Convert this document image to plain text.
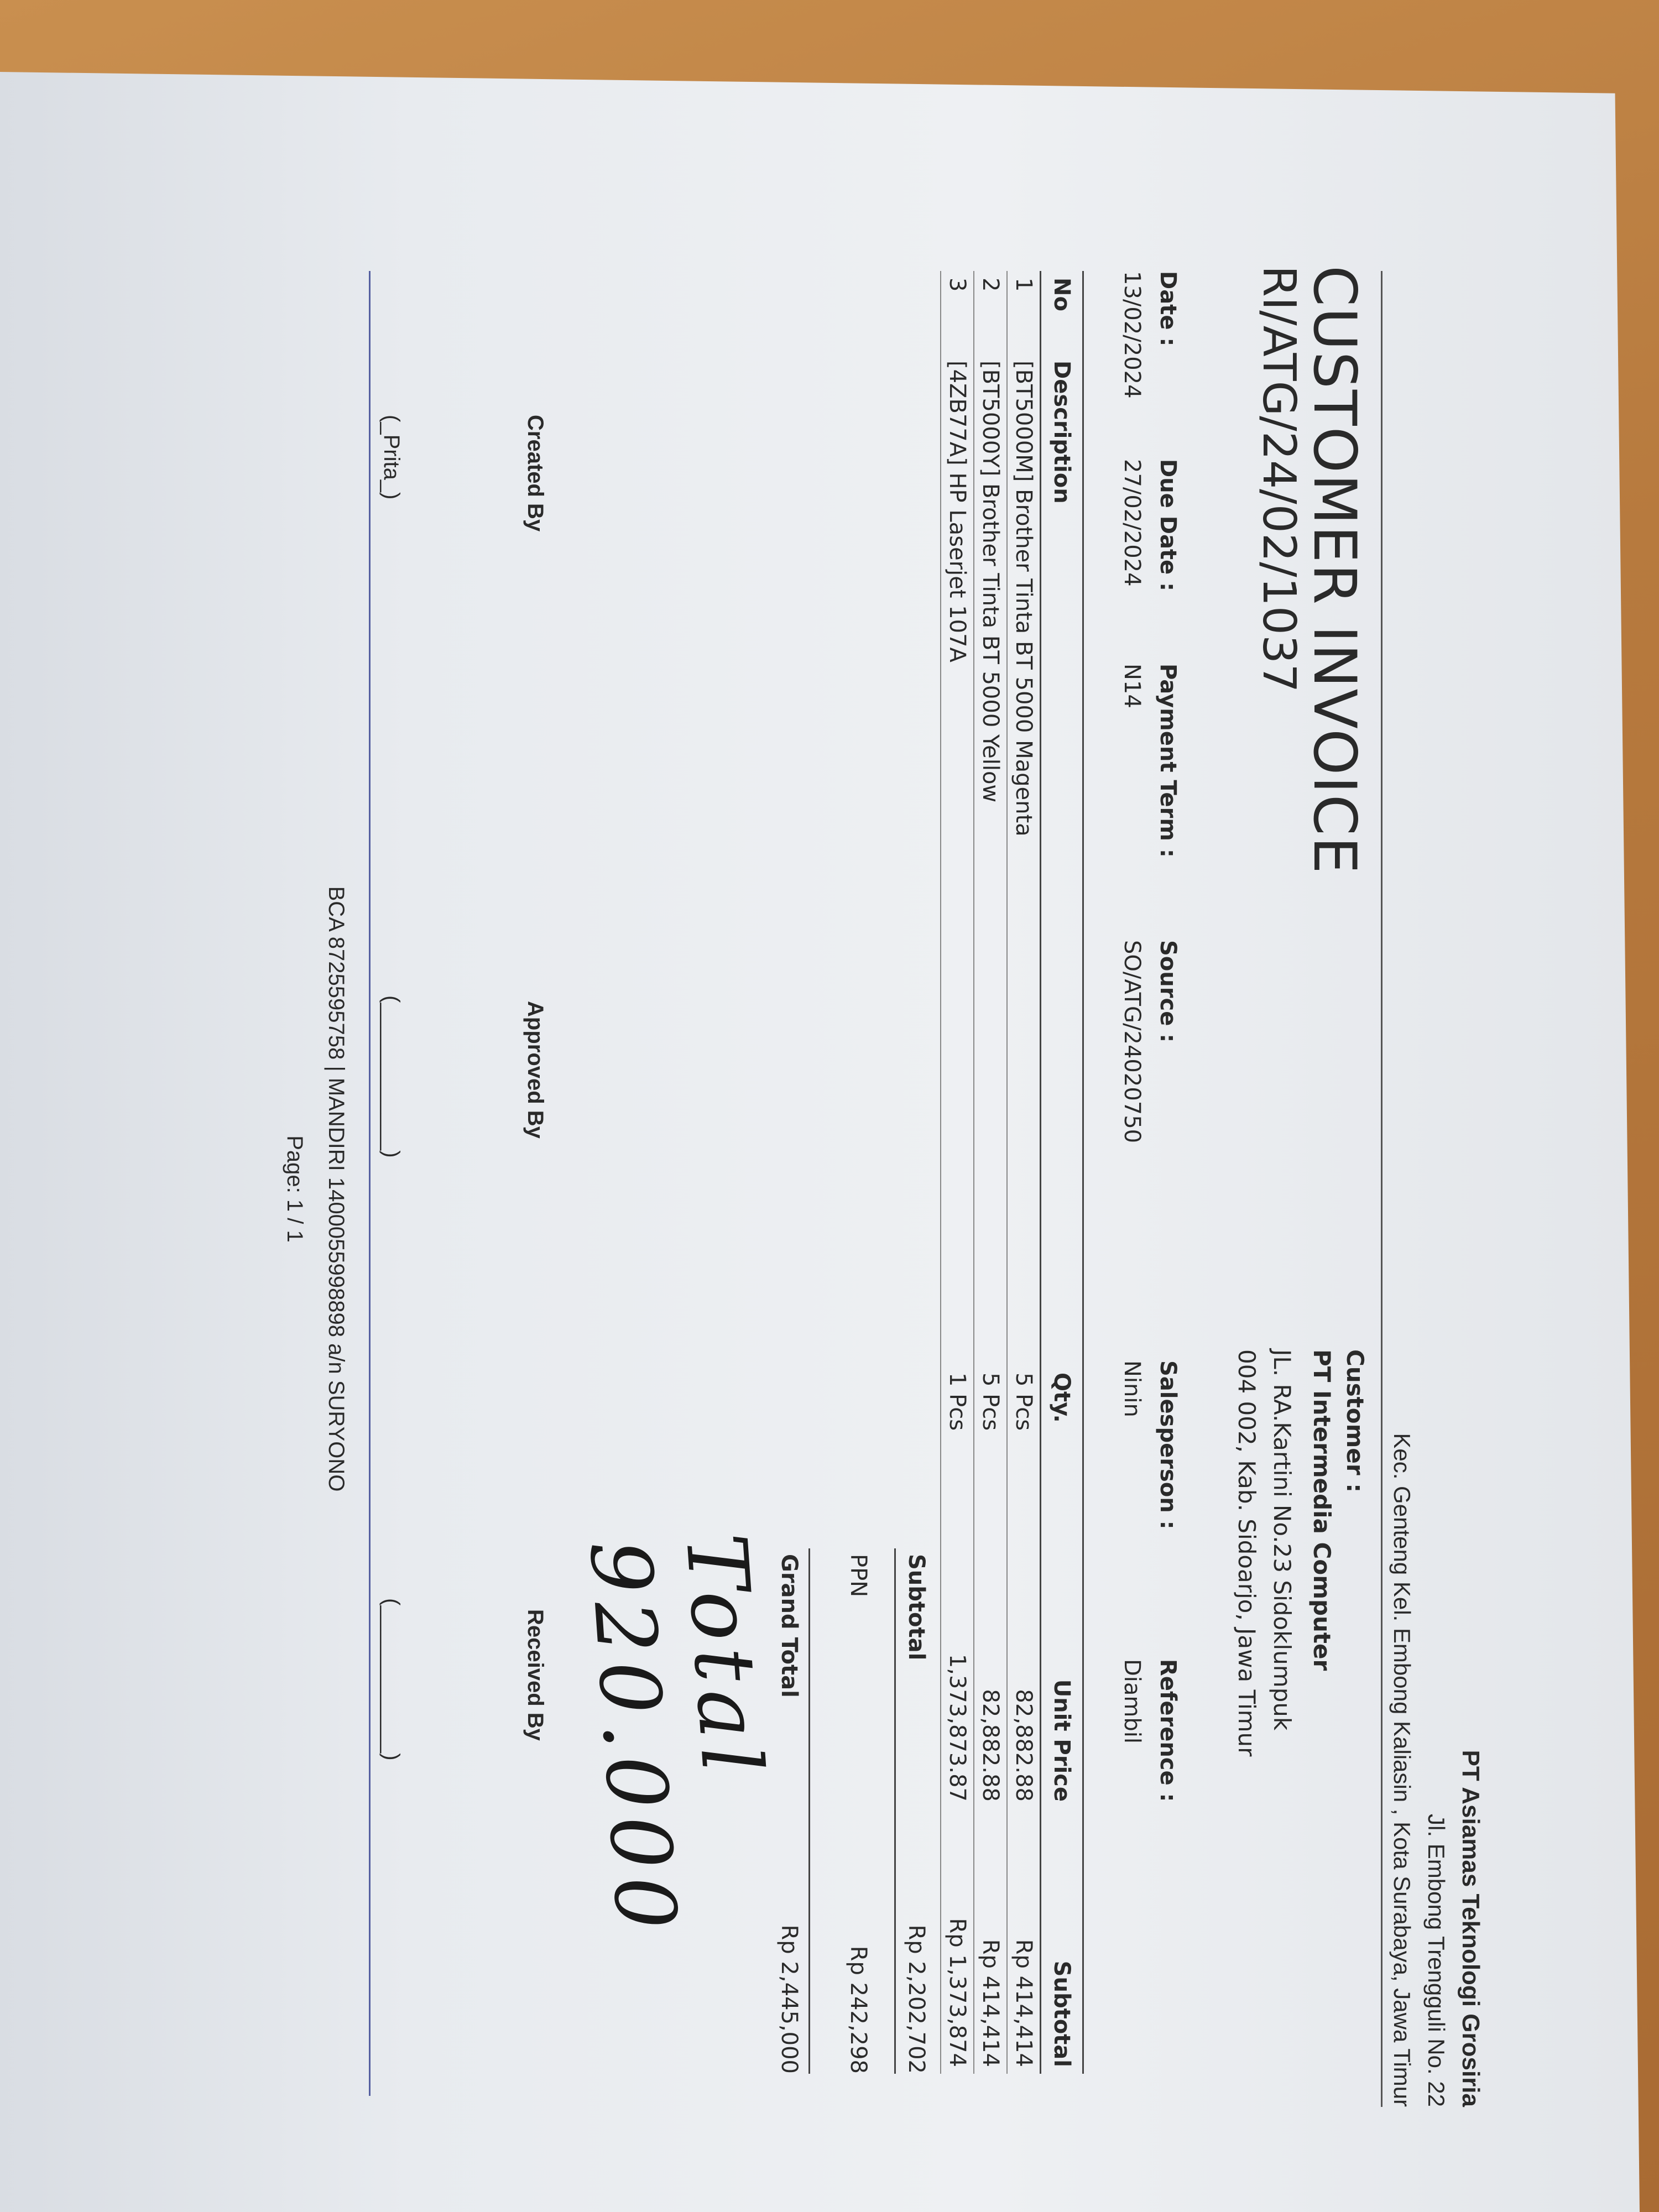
PT Asiamas Teknologi Grosiria
Jl. Embong Trengguli No. 22
Kec. Genteng Kel. Embong Kaliasin , Kota Surabaya, Jawa Timur
CUSTOMER INVOICE
RI/ATG/24/02/1037
Customer :
PT Intermedia Computer
JL. RA.Kartini No.23 Sidoklumpuk
004 002, Kab. Sidoarjo, Jawa Timur
Date :
13/02/2024
Due Date :
27/02/2024
Payment Term :
N14
Source :
SO/ATG/24020750
Salesperson :
Ninin
Reference :
Diambil
No	Description	Qty.	Unit Price	Subtotal
1	[BT5000M] Brother Tinta BT 5000 Magenta	5 Pcs	82,882.88	Rp 414,414
2	[BT5000Y] Brother Tinta BT 5000 Yellow	5 Pcs	82,882.88	Rp 414,414
3	[4ZB77A] HP Laserjet 107A	1 Pcs	1,373,873.87	Rp 1,373,874
Subtotal
Rp 2,202,702
PPN
Rp 242,298
Grand Total
Rp 2,445,000
Total 920.000
Created By
Approved By
Received By
(_Prita_)
(____________)
(____________)
BCA 8725595758 | MANDIRI 1400055998898 a/n SURYONO
Page: 1 / 1
